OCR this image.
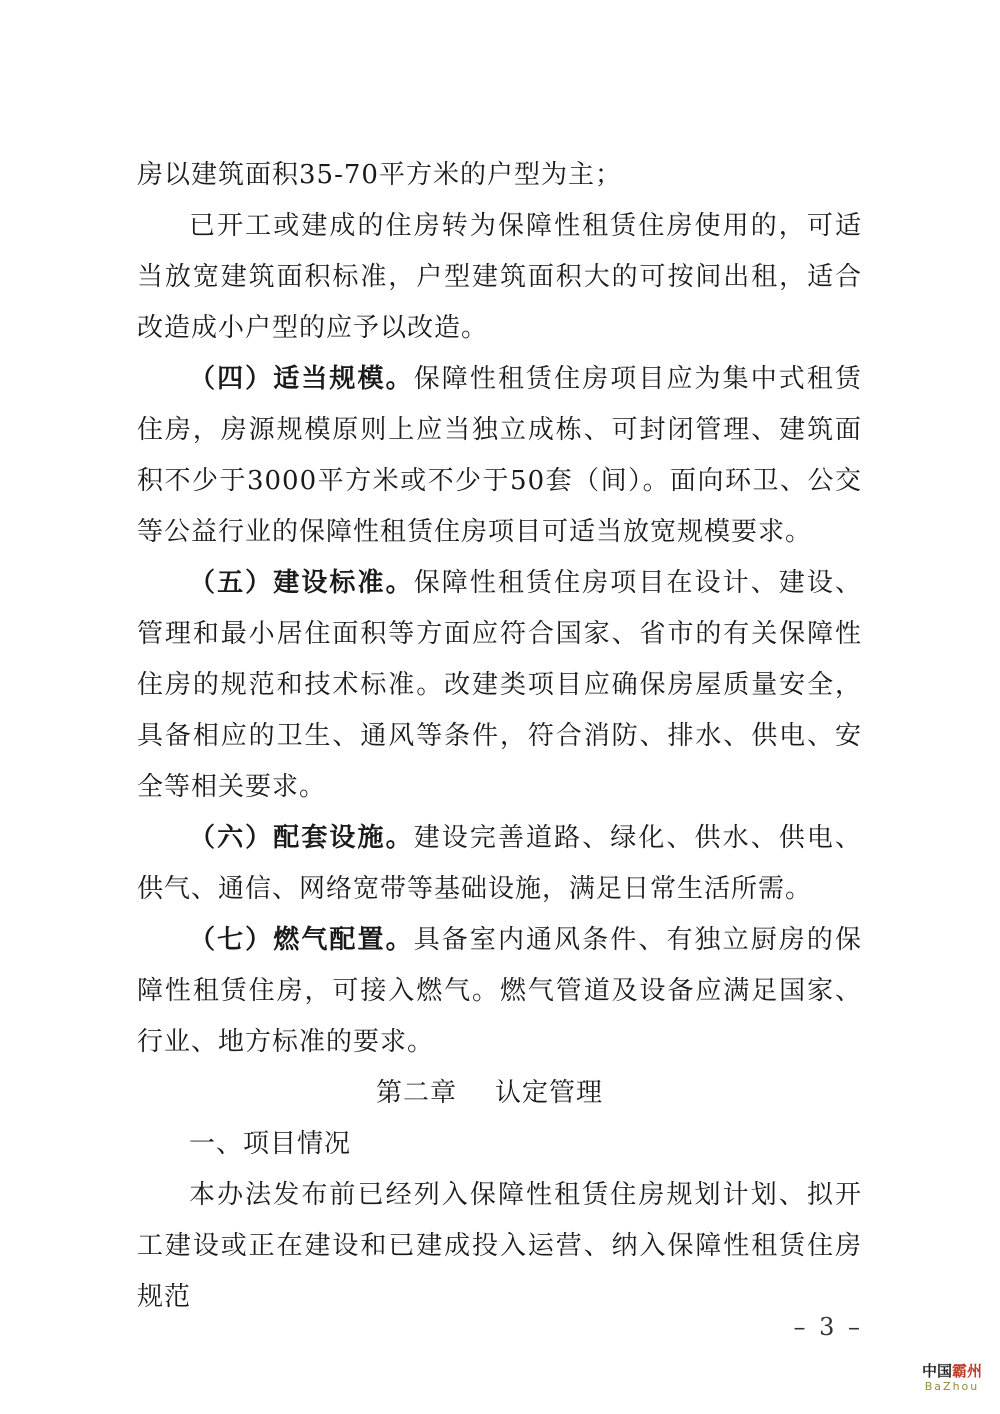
房以建筑面积35-70平方米的户型为主；

已开工或建成的住房转为保障性租赁住房使用的，可适当放宽建筑面积标准，户型建筑面积大的可按间出租，适合改造成小户型的应予以改造。

（四）适当规模。保障性租赁住房项目应为集中式租赁住房，房源规模原则上应当独立成栋、可封闭管理、建筑面积不少于3000平方米或不少于50套（间）。面向环卫、公交等公益行业的保障性租赁住房项目可适当放宽规模要求。

（五）建设标准。保障性租赁住房项目在设计、建设、管理和最小居住面积等方面应符合国家、省市的有关保障性住房的规范和技术标准。改建类项目应确保房屋质量安全，具备相应的卫生、通风等条件，符合消防、排水、供电、安全等相关要求。

（六）配套设施。建设完善道路、绿化、供水、供电、供气、通信、网络宽带等基础设施，满足日常生活所需。

（七）燃气配置。具备室内通风条件、有独立厨房的保障性租赁住房，可接入燃气。燃气管道及设备应满足国家、行业、地方标准的要求。

第二章 认定管理

一、项目情况

本办法发布前已经列入保障性租赁住房规划计划、拟开工建设或正在建设和已建成投入运营、纳入保障性租赁住房规范

– 3 –
中国霸州
BaZhou
